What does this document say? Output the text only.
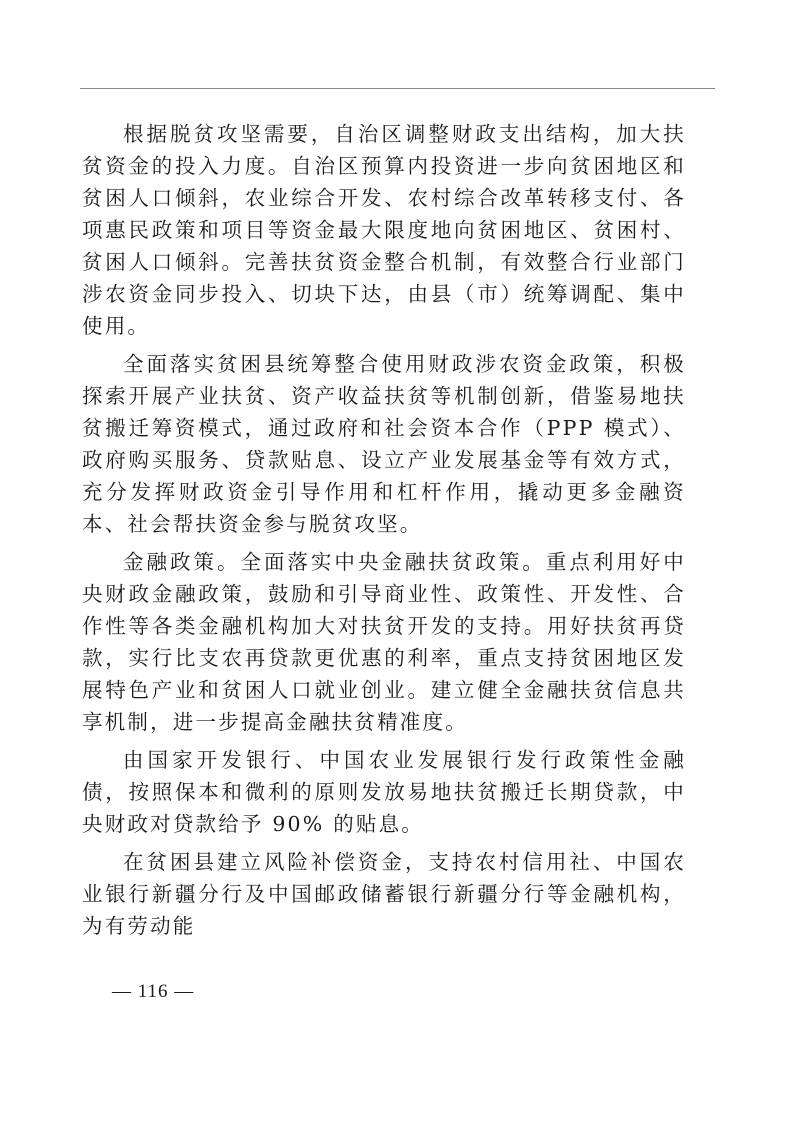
根据脱贫攻坚需要，自治区调整财政支出结构，加大扶贫资金的投入力度。自治区预算内投资进一步向贫困地区和贫困人口倾斜，农业综合开发、农村综合改革转移支付、各项惠民政策和项目等资金最大限度地向贫困地区、贫困村、贫困人口倾斜。完善扶贫资金整合机制，有效整合行业部门涉农资金同步投入、切块下达，由县（市）统筹调配、集中使用。

全面落实贫困县统筹整合使用财政涉农资金政策，积极探索开展产业扶贫、资产收益扶贫等机制创新，借鉴易地扶贫搬迁筹资模式，通过政府和社会资本合作（PPP 模式）、政府购买服务、贷款贴息、设立产业发展基金等有效方式，充分发挥财政资金引导作用和杠杆作用，撬动更多金融资本、社会帮扶资金参与脱贫攻坚。

金融政策。全面落实中央金融扶贫政策。重点利用好中央财政金融政策，鼓励和引导商业性、政策性、开发性、合作性等各类金融机构加大对扶贫开发的支持。用好扶贫再贷款，实行比支农再贷款更优惠的利率，重点支持贫困地区发展特色产业和贫困人口就业创业。建立健全金融扶贫信息共享机制，进一步提高金融扶贫精准度。

由国家开发银行、中国农业发展银行发行政策性金融债，按照保本和微利的原则发放易地扶贫搬迁长期贷款，中央财政对贷款给予 90% 的贴息。

在贫困县建立风险补偿资金，支持农村信用社、中国农业银行新疆分行及中国邮政储蓄银行新疆分行等金融机构，为有劳动能

— 116 —
